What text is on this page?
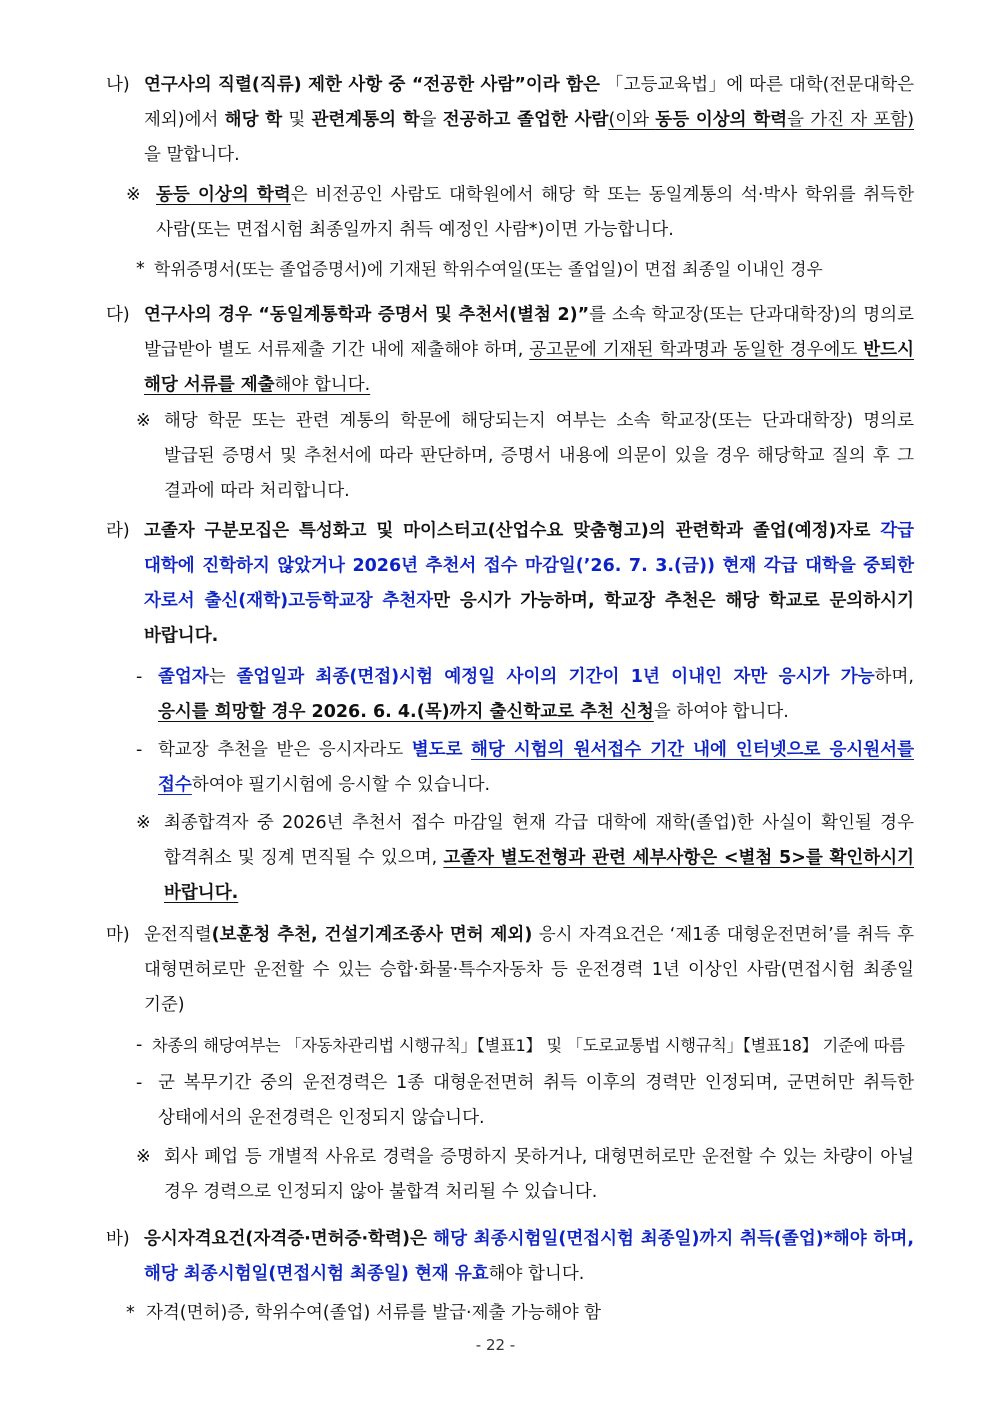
나) 연구사의 직렬(직류) 제한 사항 중 “전공한 사람”이라 함은 「고등교육법」에 따른 대학(전문대학은 제외)에서 해당 학 및 관련계통의 학을 전공하고 졸업한 사람(이와 동등 이상의 학력을 가진 자 포함)을 말합니다.

※ 동등 이상의 학력은 비전공인 사람도 대학원에서 해당 학 또는 동일계통의 석·박사 학위를 취득한 사람(또는 면접시험 최종일까지 취득 예정인 사람*)이면 가능합니다.

* 학위증명서(또는 졸업증명서)에 기재된 학위수여일(또는 졸업일)이 면접 최종일 이내인 경우

다) 연구사의 경우 “동일계통학과 증명서 및 추천서(별첨 2)”를 소속 학교장(또는 단과대학장)의 명의로 발급받아 별도 서류제출 기간 내에 제출해야 하며, 공고문에 기재된 학과명과 동일한 경우에도 반드시 해당 서류를 제출해야 합니다.

※ 해당 학문 또는 관련 계통의 학문에 해당되는지 여부는 소속 학교장(또는 단과대학장) 명의로 발급된 증명서 및 추천서에 따라 판단하며, 증명서 내용에 의문이 있을 경우 해당학교 질의 후 그 결과에 따라 처리합니다.

라) 고졸자 구분모집은 특성화고 및 마이스터고(산업수요 맞춤형고)의 관련학과 졸업(예정)자로 각급 대학에 진학하지 않았거나 2026년 추천서 접수 마감일(’26. 7. 3.(금)) 현재 각급 대학을 중퇴한 자로서 출신(재학)고등학교장 추천자만 응시가 가능하며, 학교장 추천은 해당 학교로 문의하시기 바랍니다.

- 졸업자는 졸업일과 최종(면접)시험 예정일 사이의 기간이 1년 이내인 자만 응시가 가능하며, 응시를 희망할 경우 2026. 6. 4.(목)까지 출신학교로 추천 신청을 하여야 합니다.

- 학교장 추천을 받은 응시자라도 별도로 해당 시험의 원서접수 기간 내에 인터넷으로 응시원서를 접수하여야 필기시험에 응시할 수 있습니다.

※ 최종합격자 중 2026년 추천서 접수 마감일 현재 각급 대학에 재학(졸업)한 사실이 확인될 경우 합격취소 및 징계 면직될 수 있으며, 고졸자 별도전형과 관련 세부사항은 <별첨 5>를 확인하시기 바랍니다.

마) 운전직렬(보훈청 추천, 건설기계조종사 면허 제외) 응시 자격요건은 ‘제1종 대형운전면허’를 취득 후 대형면허로만 운전할 수 있는 승합·화물·특수자동차 등 운전경력 1년 이상인 사람(면접시험 최종일 기준)

- 차종의 해당여부는 「자동차관리법 시행규칙」【별표1】 및 「도로교통법 시행규칙」【별표18】 기준에 따름

- 군 복무기간 중의 운전경력은 1종 대형운전면허 취득 이후의 경력만 인정되며, 군면허만 취득한 상태에서의 운전경력은 인정되지 않습니다.

※ 회사 폐업 등 개별적 사유로 경력을 증명하지 못하거나, 대형면허로만 운전할 수 있는 차량이 아닐 경우 경력으로 인정되지 않아 불합격 처리될 수 있습니다.

바) 응시자격요건(자격증·면허증·학력)은 해당 최종시험일(면접시험 최종일)까지 취득(졸업)*해야 하며, 해당 최종시험일(면접시험 최종일) 현재 유효해야 합니다.

* 자격(면허)증, 학위수여(졸업) 서류를 발급·제출 가능해야 함

- 22 -
